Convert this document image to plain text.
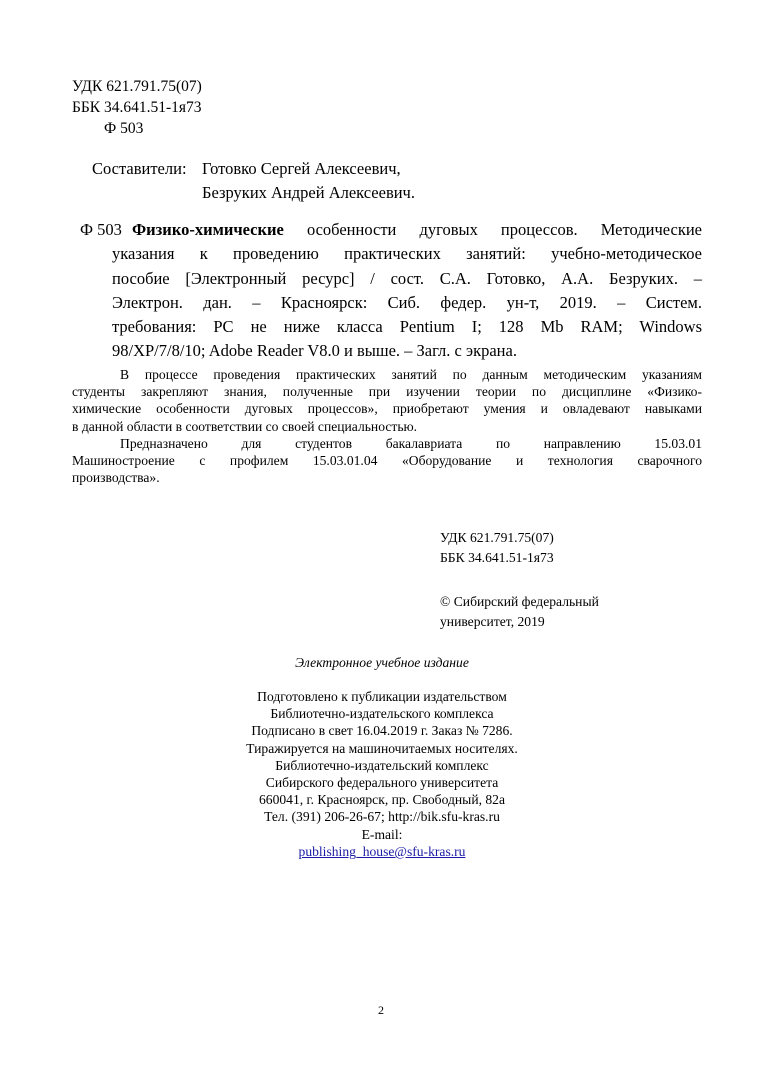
УДК 621.791.75(07)
ББК 34.641.51-1я73
Ф 503
Составители: Готовко Сергей Алексеевич,
Безруких Андрей Алексеевич.
Ф 503 Физико-химические особенности дуговых процессов. Методические
указания к проведению практических занятий: учебно-методическое
пособие [Электронный ресурс] / сост. С.А. Готовко, А.А. Безруких. –
Электрон. дан. – Красноярск: Сиб. федер. ун-т, 2019. – Систем.
требования: PC не ниже класса Pentium I; 128 Mb RAM; Windows
98/XP/7/8/10; Adobe Reader V8.0 и выше. – Загл. с экрана.
В процессе проведения практических занятий по данным методическим указаниям
студенты закрепляют знания, полученные при изучении теории по дисциплине «Физико-
химические особенности дуговых процессов», приобретают умения и овладевают навыками
в данной области в соответствии со своей специальностью.
Предназначено для студентов бакалавриата по направлению 15.03.01
Машиностроение с профилем 15.03.01.04 «Оборудование и технология сварочного
производства».
УДК 621.791.75(07)
ББК 34.641.51-1я73
© Сибирский федеральный
университет, 2019
Электронное учебное издание
Подготовлено к публикации издательством
Библиотечно-издательского комплекса
Подписано в свет 16.04.2019 г. Заказ № 7286.
Тиражируется на машиночитаемых носителях.
Библиотечно-издательский комплекс
Сибирского федерального университета
660041, г. Красноярск, пр. Свободный, 82а
Тел. (391) 206-26-67; http://bik.sfu-kras.ru
E-mail:
publishing_house@sfu-kras.ru
2
